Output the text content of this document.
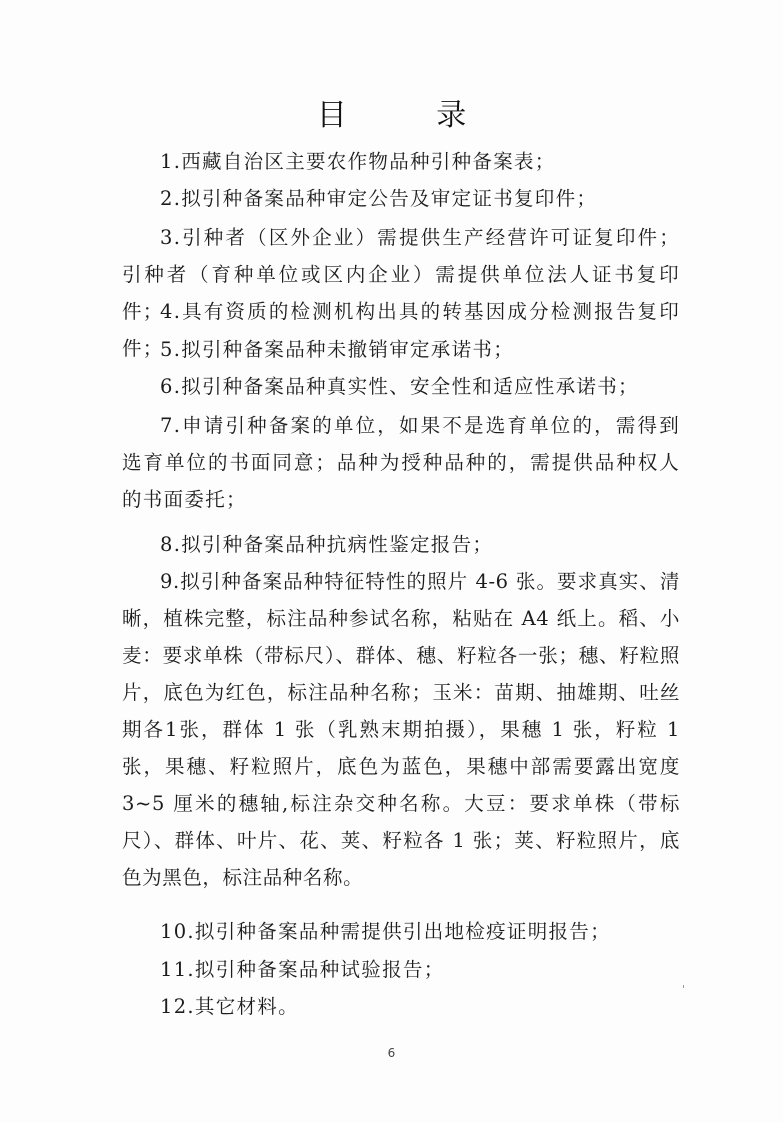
目 录
1.西藏自治区主要农作物品种引种备案表；
2.拟引种备案品种审定公告及审定证书复印件；
3.引种者（区外企业）需提供生产经营许可证复印件；引种者（育种单位或区内企业）需提供单位法人证书复印件；
4.具有资质的检测机构出具的转基因成分检测报告复印件；
5.拟引种备案品种未撤销审定承诺书；
6.拟引种备案品种真实性、安全性和适应性承诺书；
7.申请引种备案的单位，如果不是选育单位的，需得到选育单位的书面同意；品种为授种品种的，需提供品种权人的书面委托；
8.拟引种备案品种抗病性鉴定报告；
9.拟引种备案品种特征特性的照片 4-6 张。要求真实、清晰，植株完整，标注品种参试名称，粘贴在 A4 纸上。稻、小麦：要求单株（带标尺）、群体、穗、籽粒各一张；穗、籽粒照片，底色为红色，标注品种名称；玉米：苗期、抽雄期、吐丝期各1张，群体 1 张（乳熟末期拍摄），果穗 1 张，籽粒 1 张，果穗、籽粒照片，底色为蓝色，果穗中部需要露出宽度 3~5 厘米的穗轴,标注杂交种名称。大豆：要求单株（带标尺）、群体、叶片、花、荚、籽粒各 1 张；荚、籽粒照片，底色为黑色，标注品种名称。
10.拟引种备案品种需提供引出地检疫证明报告；
11.拟引种备案品种试验报告；
12.其它材料。
6
